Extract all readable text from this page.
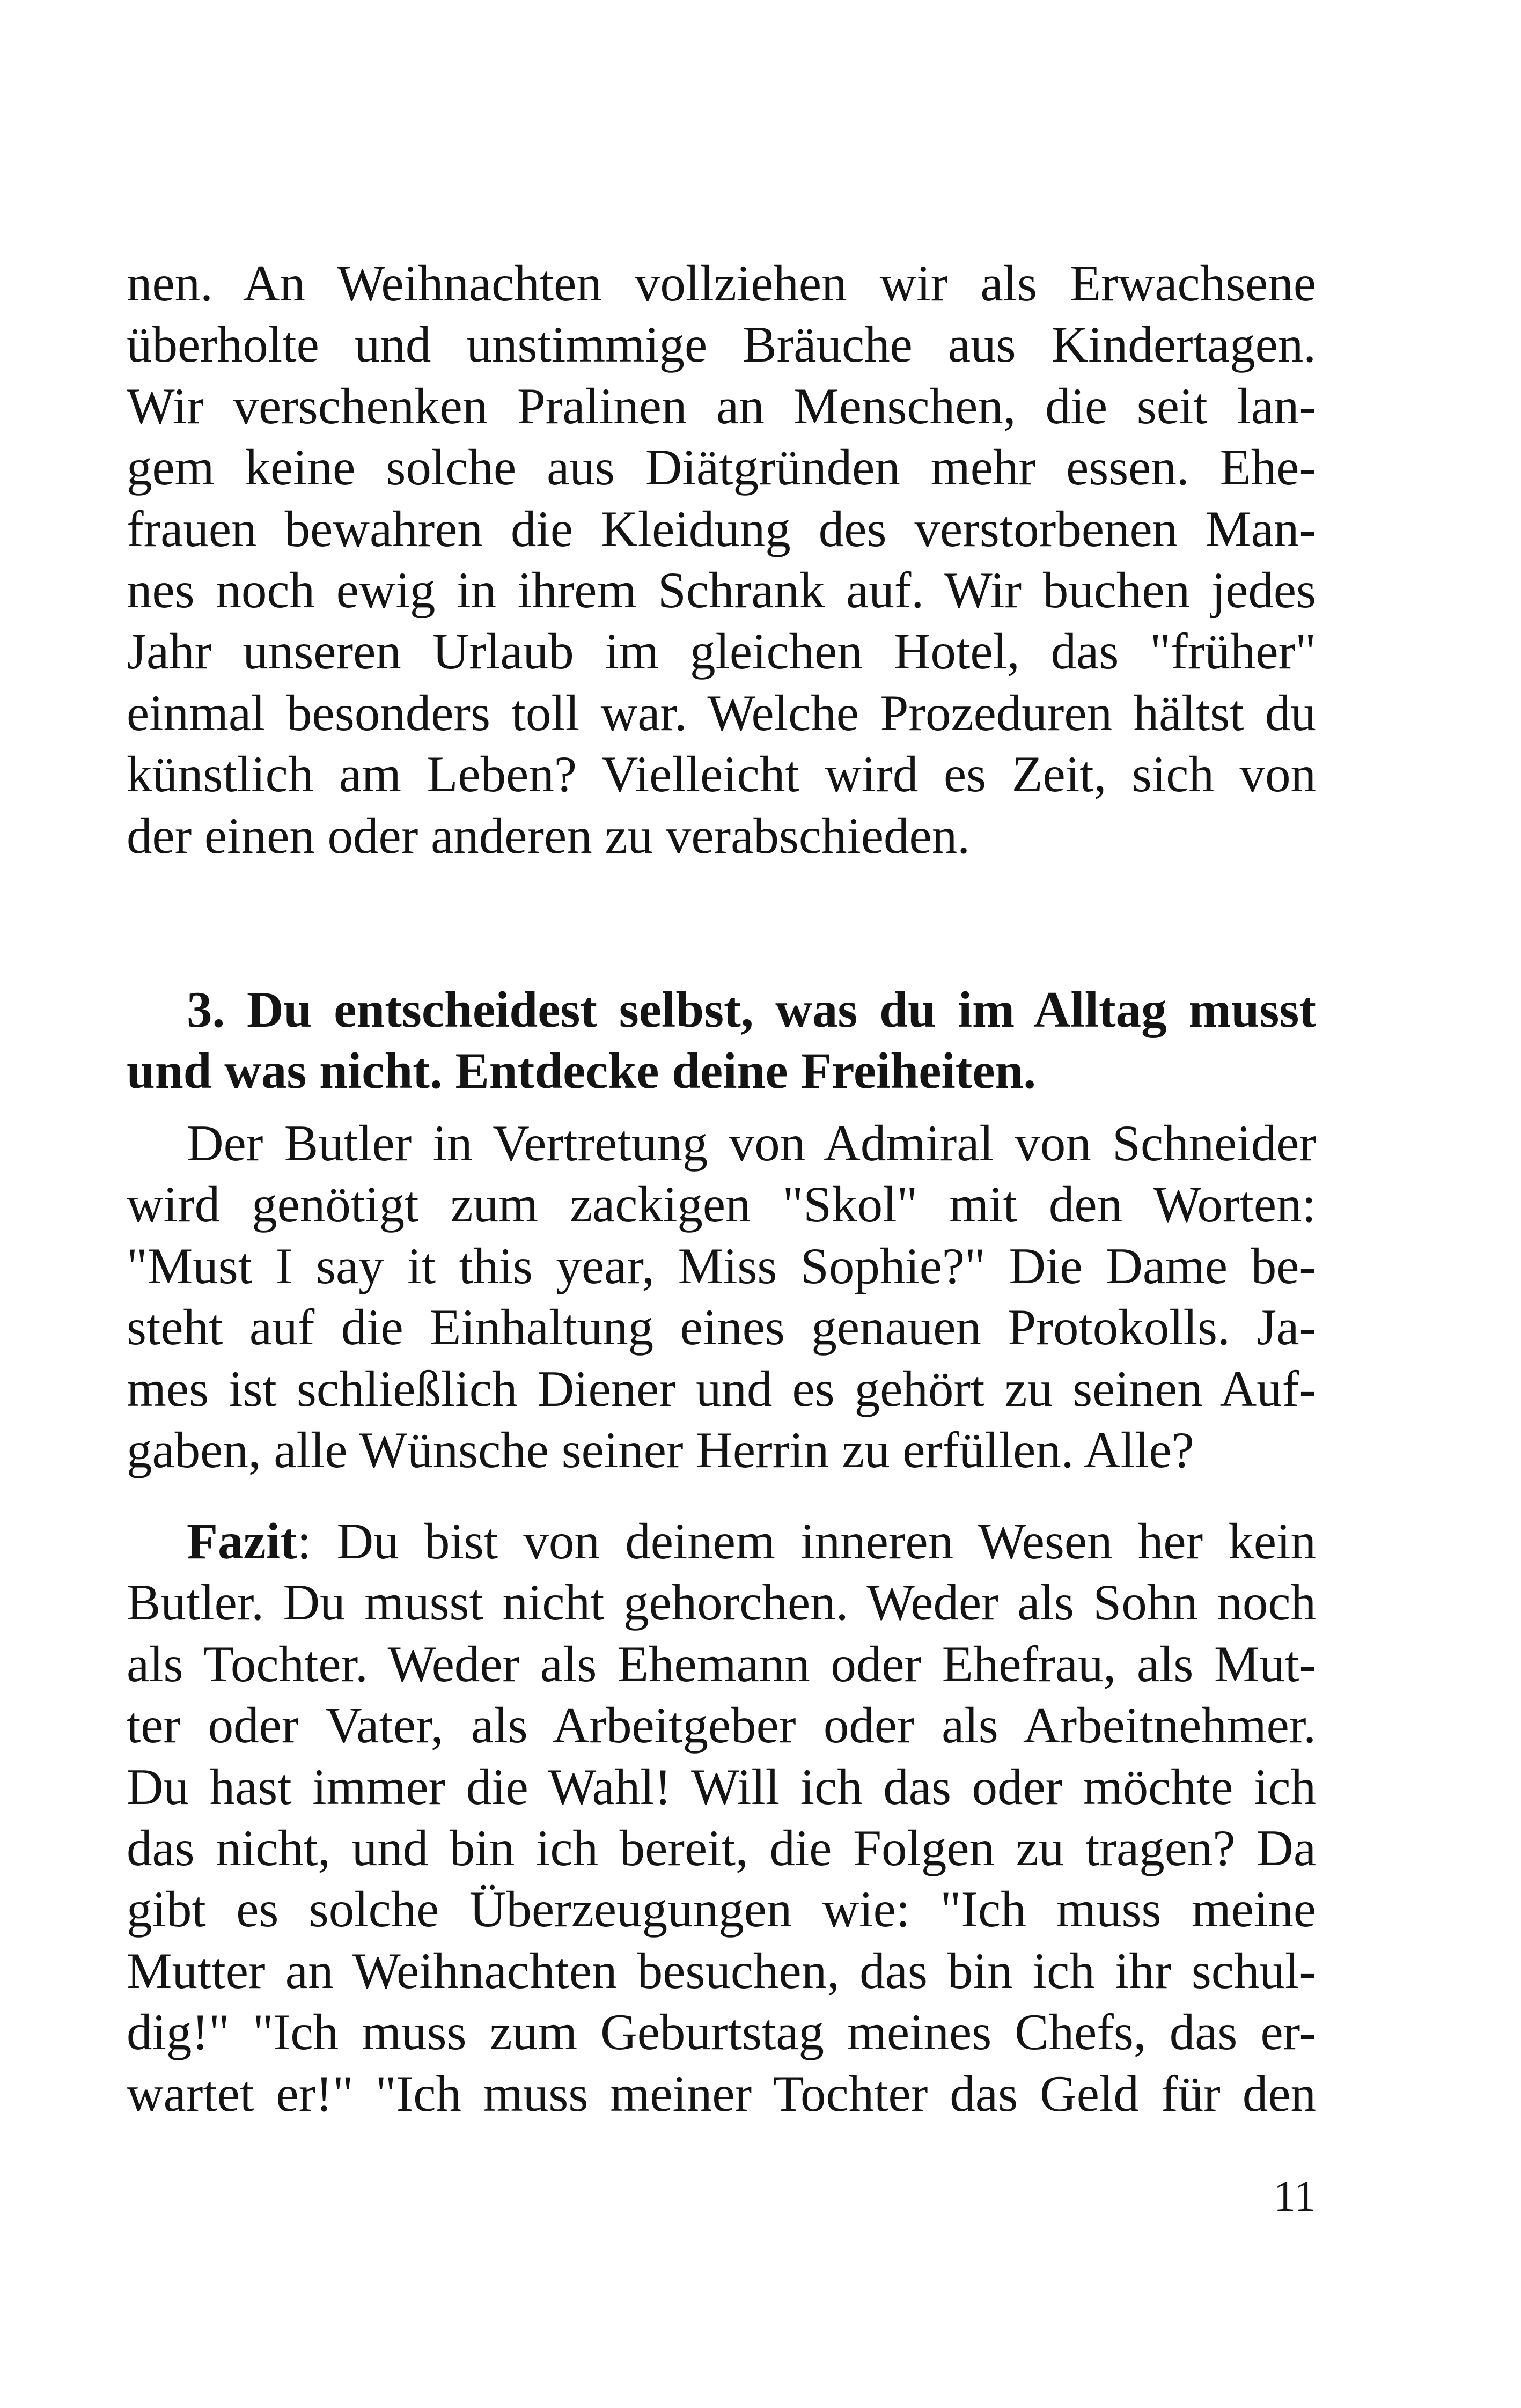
nen. An Weihnachten vollziehen wir als Erwachsene
überholte und unstimmige Bräuche aus Kindertagen.
Wir verschenken Pralinen an Menschen, die seit lan-
gem keine solche aus Diätgründen mehr essen. Ehe-
frauen bewahren die Kleidung des verstorbenen Man-
nes noch ewig in ihrem Schrank auf. Wir buchen jedes
Jahr unseren Urlaub im gleichen Hotel, das "früher"
einmal besonders toll war. Welche Prozeduren hältst du
künstlich am Leben? Vielleicht wird es Zeit, sich von
der einen oder anderen zu verabschieden.
3. Du entscheidest selbst, was du im Alltag musst
und was nicht. Entdecke deine Freiheiten.
Der Butler in Vertretung von Admiral von Schneider
wird genötigt zum zackigen "Skol" mit den Worten:
"Must I say it this year, Miss Sophie?" Die Dame be-
steht auf die Einhaltung eines genauen Protokolls. Ja-
mes ist schließlich Diener und es gehört zu seinen Auf-
gaben, alle Wünsche seiner Herrin zu erfüllen. Alle?
Fazit: Du bist von deinem inneren Wesen her kein
Butler. Du musst nicht gehorchen. Weder als Sohn noch
als Tochter. Weder als Ehemann oder Ehefrau, als Mut-
ter oder Vater, als Arbeitgeber oder als Arbeitnehmer.
Du hast immer die Wahl! Will ich das oder möchte ich
das nicht, und bin ich bereit, die Folgen zu tragen? Da
gibt es solche Überzeugungen wie: "Ich muss meine
Mutter an Weihnachten besuchen, das bin ich ihr schul-
dig!" "Ich muss zum Geburtstag meines Chefs, das er-
wartet er!" "Ich muss meiner Tochter das Geld für den
11
